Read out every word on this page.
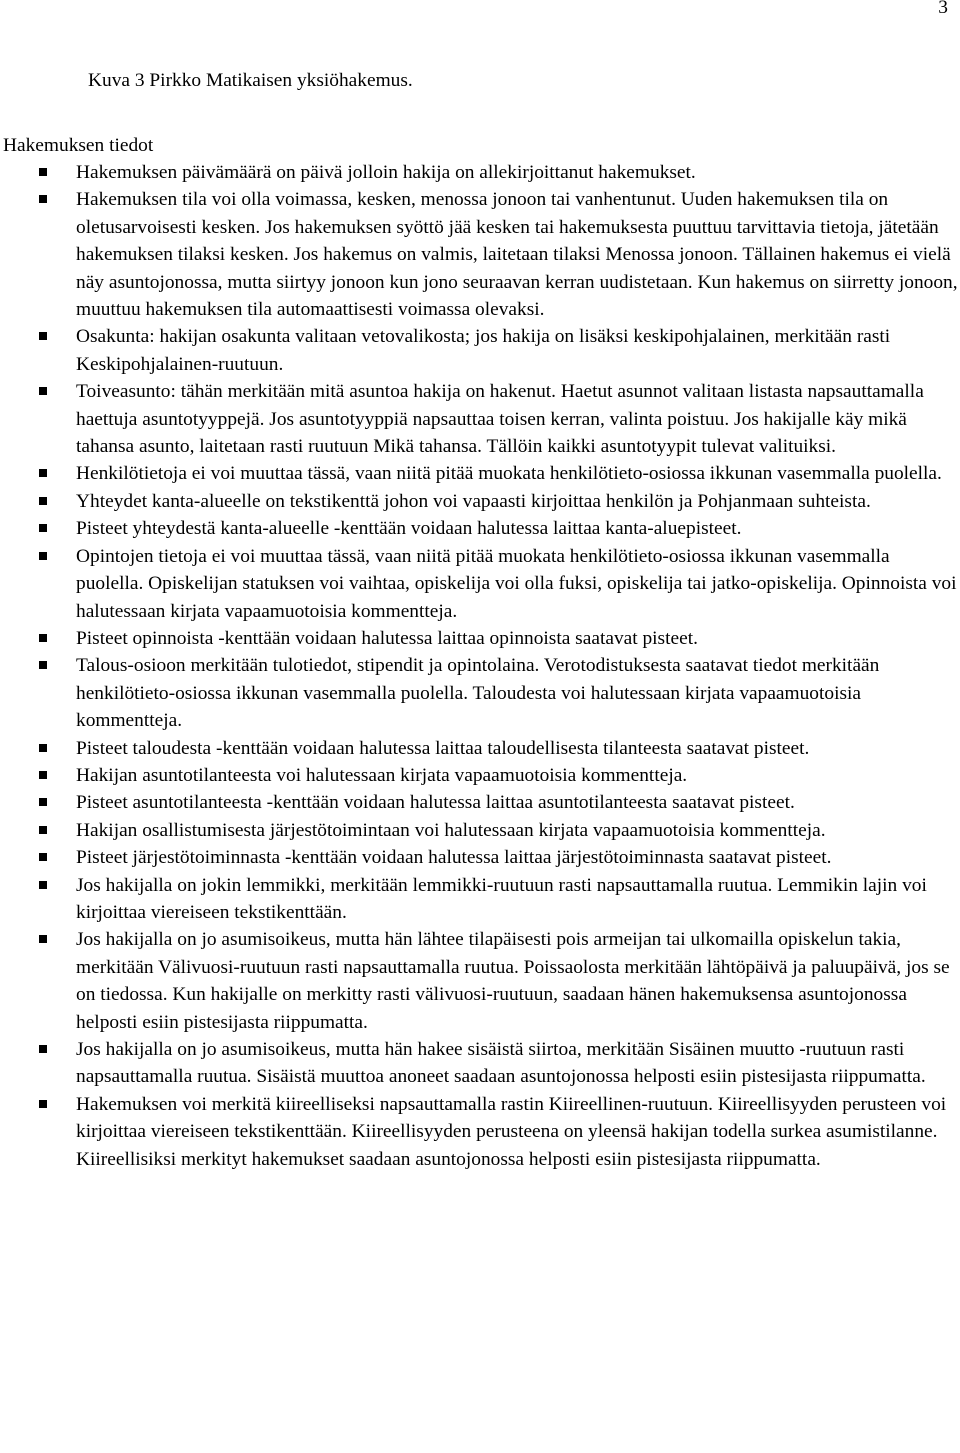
3
Kuva 3 Pirkko Matikaisen yksiöhakemus.
Hakemuksen tiedot
Hakemuksen päivämäärä on päivä jolloin hakija on allekirjoittanut hakemukset.
Hakemuksen tila voi olla voimassa, kesken, menossa jonoon tai vanhentunut. Uuden hakemuksen tila on oletusarvoisesti kesken. Jos hakemuksen syöttö jää kesken tai hakemuksesta puuttuu tarvittavia tietoja, jätetään hakemuksen tilaksi kesken. Jos hakemus on valmis, laitetaan tilaksi Menossa jonoon. Tällainen hakemus ei vielä näy asuntojonossa, mutta siirtyy jonoon kun jono seuraavan kerran uudistetaan. Kun hakemus on siirretty jonoon, muuttuu hakemuksen tila automaattisesti voimassa olevaksi.
Osakunta: hakijan osakunta valitaan vetovalikosta; jos hakija on lisäksi keskipohjalainen, merkitään rasti Keskipohjalainen-ruutuun.
Toiveasunto: tähän merkitään mitä asuntoa hakija on hakenut. Haetut asunnot valitaan listasta napsauttamalla haettuja asuntotyyppejä. Jos asuntotyyppiä napsauttaa toisen kerran, valinta poistuu. Jos hakijalle käy mikä tahansa asunto, laitetaan rasti ruutuun Mikä tahansa. Tällöin kaikki asuntotyypit tulevat valituiksi.
Henkilötietoja ei voi muuttaa tässä, vaan niitä pitää muokata henkilötieto-osiossa ikkunan vasemmalla puolella.
Yhteydet kanta-alueelle on tekstikenttä johon voi vapaasti kirjoittaa henkilön ja Pohjanmaan suhteista.
Pisteet yhteydestä kanta-alueelle -kenttään voidaan halutessa laittaa kanta-aluepisteet.
Opintojen tietoja ei voi muuttaa tässä, vaan niitä pitää muokata henkilötieto-osiossa ikkunan vasemmalla puolella. Opiskelijan statuksen voi vaihtaa, opiskelija voi olla fuksi, opiskelija tai jatko-opiskelija. Opinnoista voi halutessaan kirjata vapaamuotoisia kommentteja.
Pisteet opinnoista -kenttään voidaan halutessa laittaa opinnoista saatavat pisteet.
Talous-osioon merkitään tulotiedot, stipendit ja opintolaina. Verotodistuksesta saatavat tiedot merkitään henkilötieto-osiossa ikkunan vasemmalla puolella. Taloudesta voi halutessaan kirjata vapaamuotoisia kommentteja.
Pisteet taloudesta -kenttään voidaan halutessa laittaa taloudellisesta tilanteesta saatavat pisteet.
Hakijan asuntotilanteesta voi halutessaan kirjata vapaamuotoisia kommentteja.
Pisteet asuntotilanteesta -kenttään voidaan halutessa laittaa asuntotilanteesta saatavat pisteet.
Hakijan osallistumisesta järjestötoimintaan voi halutessaan kirjata vapaamuotoisia kommentteja.
Pisteet järjestötoiminnasta -kenttään voidaan halutessa laittaa järjestötoiminnasta saatavat pisteet.
Jos hakijalla on jokin lemmikki, merkitään lemmikki-ruutuun rasti napsauttamalla ruutua. Lemmikin lajin voi kirjoittaa viereiseen tekstikenttään.
Jos hakijalla on jo asumisoikeus, mutta hän lähtee tilapäisesti pois armeijan tai ulkomailla opiskelun takia, merkitään Välivuosi-ruutuun rasti napsauttamalla ruutua. Poissaolosta merkitään lähtöpäivä ja paluupäivä, jos se on tiedossa. Kun hakijalle on merkitty rasti välivuosi-ruutuun, saadaan hänen hakemuksensa asuntojonossa helposti esiin pistesijasta riippumatta.
Jos hakijalla on jo asumisoikeus, mutta hän hakee sisäistä siirtoa, merkitään Sisäinen muutto -ruutuun rasti napsauttamalla ruutua. Sisäistä muuttoa anoneet saadaan asuntojonossa helposti esiin pistesijasta riippumatta.
Hakemuksen voi merkitä kiireelliseksi napsauttamalla rastin Kiireellinen-ruutuun. Kiireellisyyden perusteen voi kirjoittaa viereiseen tekstikenttään. Kiireellisyyden perusteena on yleensä hakijan todella surkea asumistilanne. Kiireellisiksi merkityt hakemukset saadaan asuntojonossa helposti esiin pistesijasta riippumatta.
